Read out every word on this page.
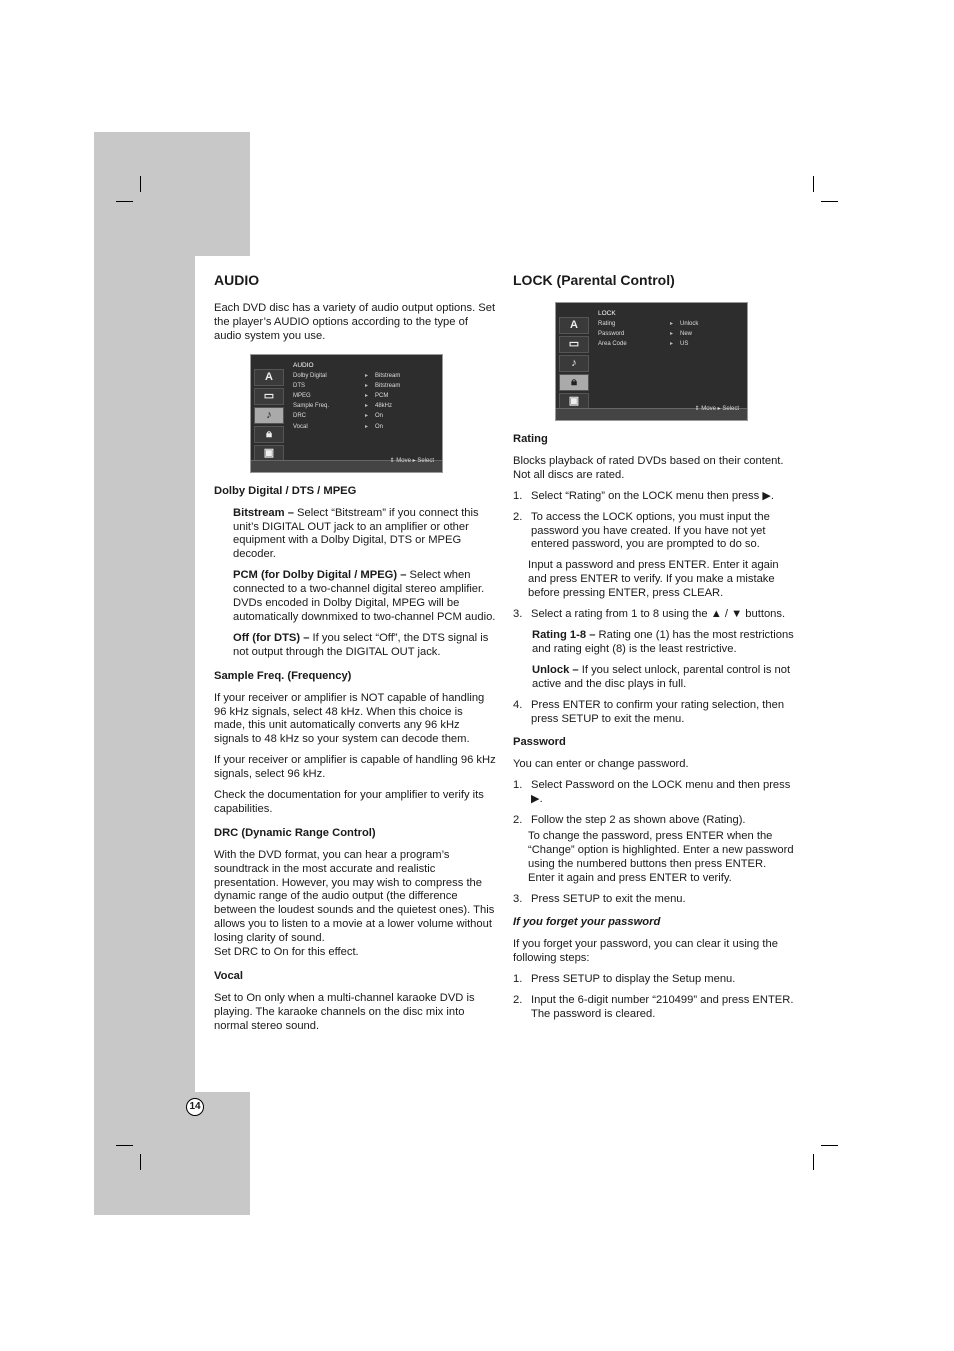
14
AUDIO

Each DVD disc has a variety of audio output options. Set the player’s AUDIO options according to the type of audio system you use.

AUDIO
A
▭
♪
🔒︎
▣
Dolby Digital	▸	Bitstream
DTS	▸	Bitstream
MPEG	▸	PCM
Sample Freq.	▸	48kHz
DRC	▸	On
Vocal	▸	On
⇕ Move ▸ Select
Dolby Digital / DTS / MPEG

Bitstream – Select “Bitstream” if you connect this unit’s DIGITAL OUT jack to an amplifier or other equipment with a Dolby Digital, DTS or MPEG decoder.

PCM (for Dolby Digital / MPEG) – Select when connected to a two-channel digital stereo amplifier. DVDs encoded in Dolby Digital, MPEG will be automatically downmixed to two-channel PCM audio.

Off (for DTS) – If you select “Off”, the DTS signal is not output through the DIGITAL OUT jack.

Sample Freq. (Frequency)

If your receiver or amplifier is NOT capable of handling 96 kHz signals, select 48 kHz. When this choice is made, this unit automatically converts any 96 kHz signals to 48 kHz so your system can decode them.

If your receiver or amplifier is capable of handling 96 kHz signals, select 96 kHz.

Check the documentation for your amplifier to verify its capabilities.

DRC (Dynamic Range Control)

With the DVD format, you can hear a program’s soundtrack in the most accurate and realistic presentation. However, you may wish to compress the dynamic range of the audio output (the difference between the loudest sounds and the quietest ones). This allows you to listen to a movie at a lower volume without losing clarity of sound.

Set DRC to On for this effect.

Vocal

Set to On only when a multi-channel karaoke DVD is playing. The karaoke channels on the disc mix into normal stereo sound.

LOCK (Parental Control)
LOCK
A
▭
♪
🔒︎
▣
Rating	▸	Unlock
Password	▸	New
Area Code	▸	US
⇕ Move ▸ Select
Rating

Blocks playback of rated DVDs based on their content. Not all discs are rated.

1. Select “Rating” on the LOCK menu then press ▶.
2. To access the LOCK options, you must input the password you have created. If you have not yet entered password, you are prompted to do so.

Input a password and press ENTER. Enter it again and press ENTER to verify. If you make a mistake before pressing ENTER, press CLEAR.

3. Select a rating from 1 to 8 using the ▲ / ▼ buttons.

Rating 1-8 – Rating one (1) has the most restrictions and rating eight (8) is the least restrictive.

Unlock – If you select unlock, parental control is not active and the disc plays in full.

4. Press ENTER to confirm your rating selection, then press SETUP to exit the menu.
Password

You can enter or change password.

1. Select Password on the LOCK menu and then press ▶.
2. Follow the step 2 as shown above (Rating).

To change the password, press ENTER when the “Change” option is highlighted. Enter a new password using the numbered buttons then press ENTER. Enter it again and press ENTER to verify.

3. Press SETUP to exit the menu.
If you forget your password

If you forget your password, you can clear it using the following steps:

1. Press SETUP to display the Setup menu.
2. Input the 6-digit number “210499” and press ENTER. The password is cleared.
